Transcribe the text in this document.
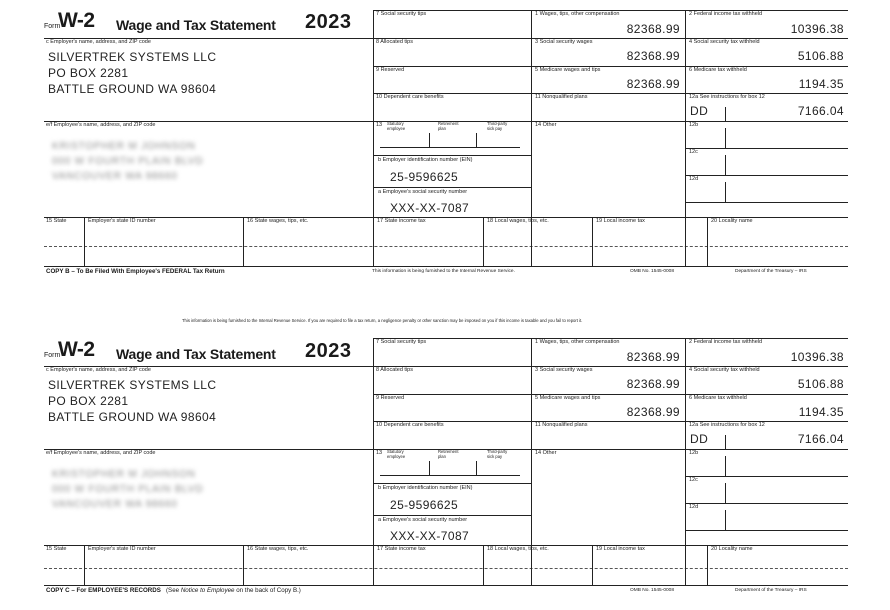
Form
W-2 Wage and Tax Statement 2023
c Employer's name, address, and ZIP code
e/f Employee's name, address, and ZIP code
7 Social security tips
8 Allocated tips
9 Reserved
10 Dependent care benefits
13 Statutory employee
Retirement plan
Third-party sick pay
b Employer identification number (EIN)
a Employee's social security number
1 Wages, tips, other compensation
3 Social security wages
5 Medicare wages and tips
11 Nonqualified plans
14 Other
2 Federal income tax withheld
4 Social security tax withheld
6 Medicare tax withheld
12a See instructions for box 12
12b
12c
12d
15 State	Employer's state ID number	16 State wages, tips, etc.	17 State income tax	18 Local wages, tips, etc.	19 Local income tax	20 Locality name
SILVERTREK SYSTEMS LLC
PO BOX 2281
BATTLE GROUND WA 98604
KRISTOPHER M JOHNSON
000 W FOURTH PLAIN BLVD
VANCOUVER WA 98660	25-9596625
XXX-XX-7087
82368.99
82368.99
82368.99
10396.38
5106.88
1194.35
DD	7166.04
COPY B – To Be Filed With Employee's FEDERAL Tax Return	This information is being furnished to the Internal Revenue Service.	OMB No. 1545-0008	Department of the Treasury – IRS
This information is being furnished to the Internal Revenue Service. If you are required to file a tax return, a negligence penalty or other sanction may be imposed on you if this income is taxable and you fail to report it.
Form
W-2 Wage and Tax Statement 2023
c Employer's name, address, and ZIP code
e/f Employee's name, address, and ZIP code
7 Social security tips
8 Allocated tips
9 Reserved
10 Dependent care benefits
13 Statutory employee
Retirement plan
Third-party sick pay
b Employer identification number (EIN)
a Employee's social security number
1 Wages, tips, other compensation
3 Social security wages
5 Medicare wages and tips
11 Nonqualified plans
14 Other
2 Federal income tax withheld
4 Social security tax withheld
6 Medicare tax withheld
12a See instructions for box 12
12b
12c
12d
15 State	Employer's state ID number	16 State wages, tips, etc.	17 State income tax	18 Local wages, tips, etc.	19 Local income tax	20 Locality name
SILVERTREK SYSTEMS LLC
PO BOX 2281
BATTLE GROUND WA 98604
KRISTOPHER M JOHNSON
000 W FOURTH PLAIN BLVD
VANCOUVER WA 98660	25-9596625
XXX-XX-7087
82368.99
82368.99
82368.99
10396.38
5106.88
1194.35
DD	7166.04
COPY C – For EMPLOYEE'S RECORDS (See Notice to Employee on the back of Copy B.)	OMB No. 1545-0008	Department of the Treasury – IRS
